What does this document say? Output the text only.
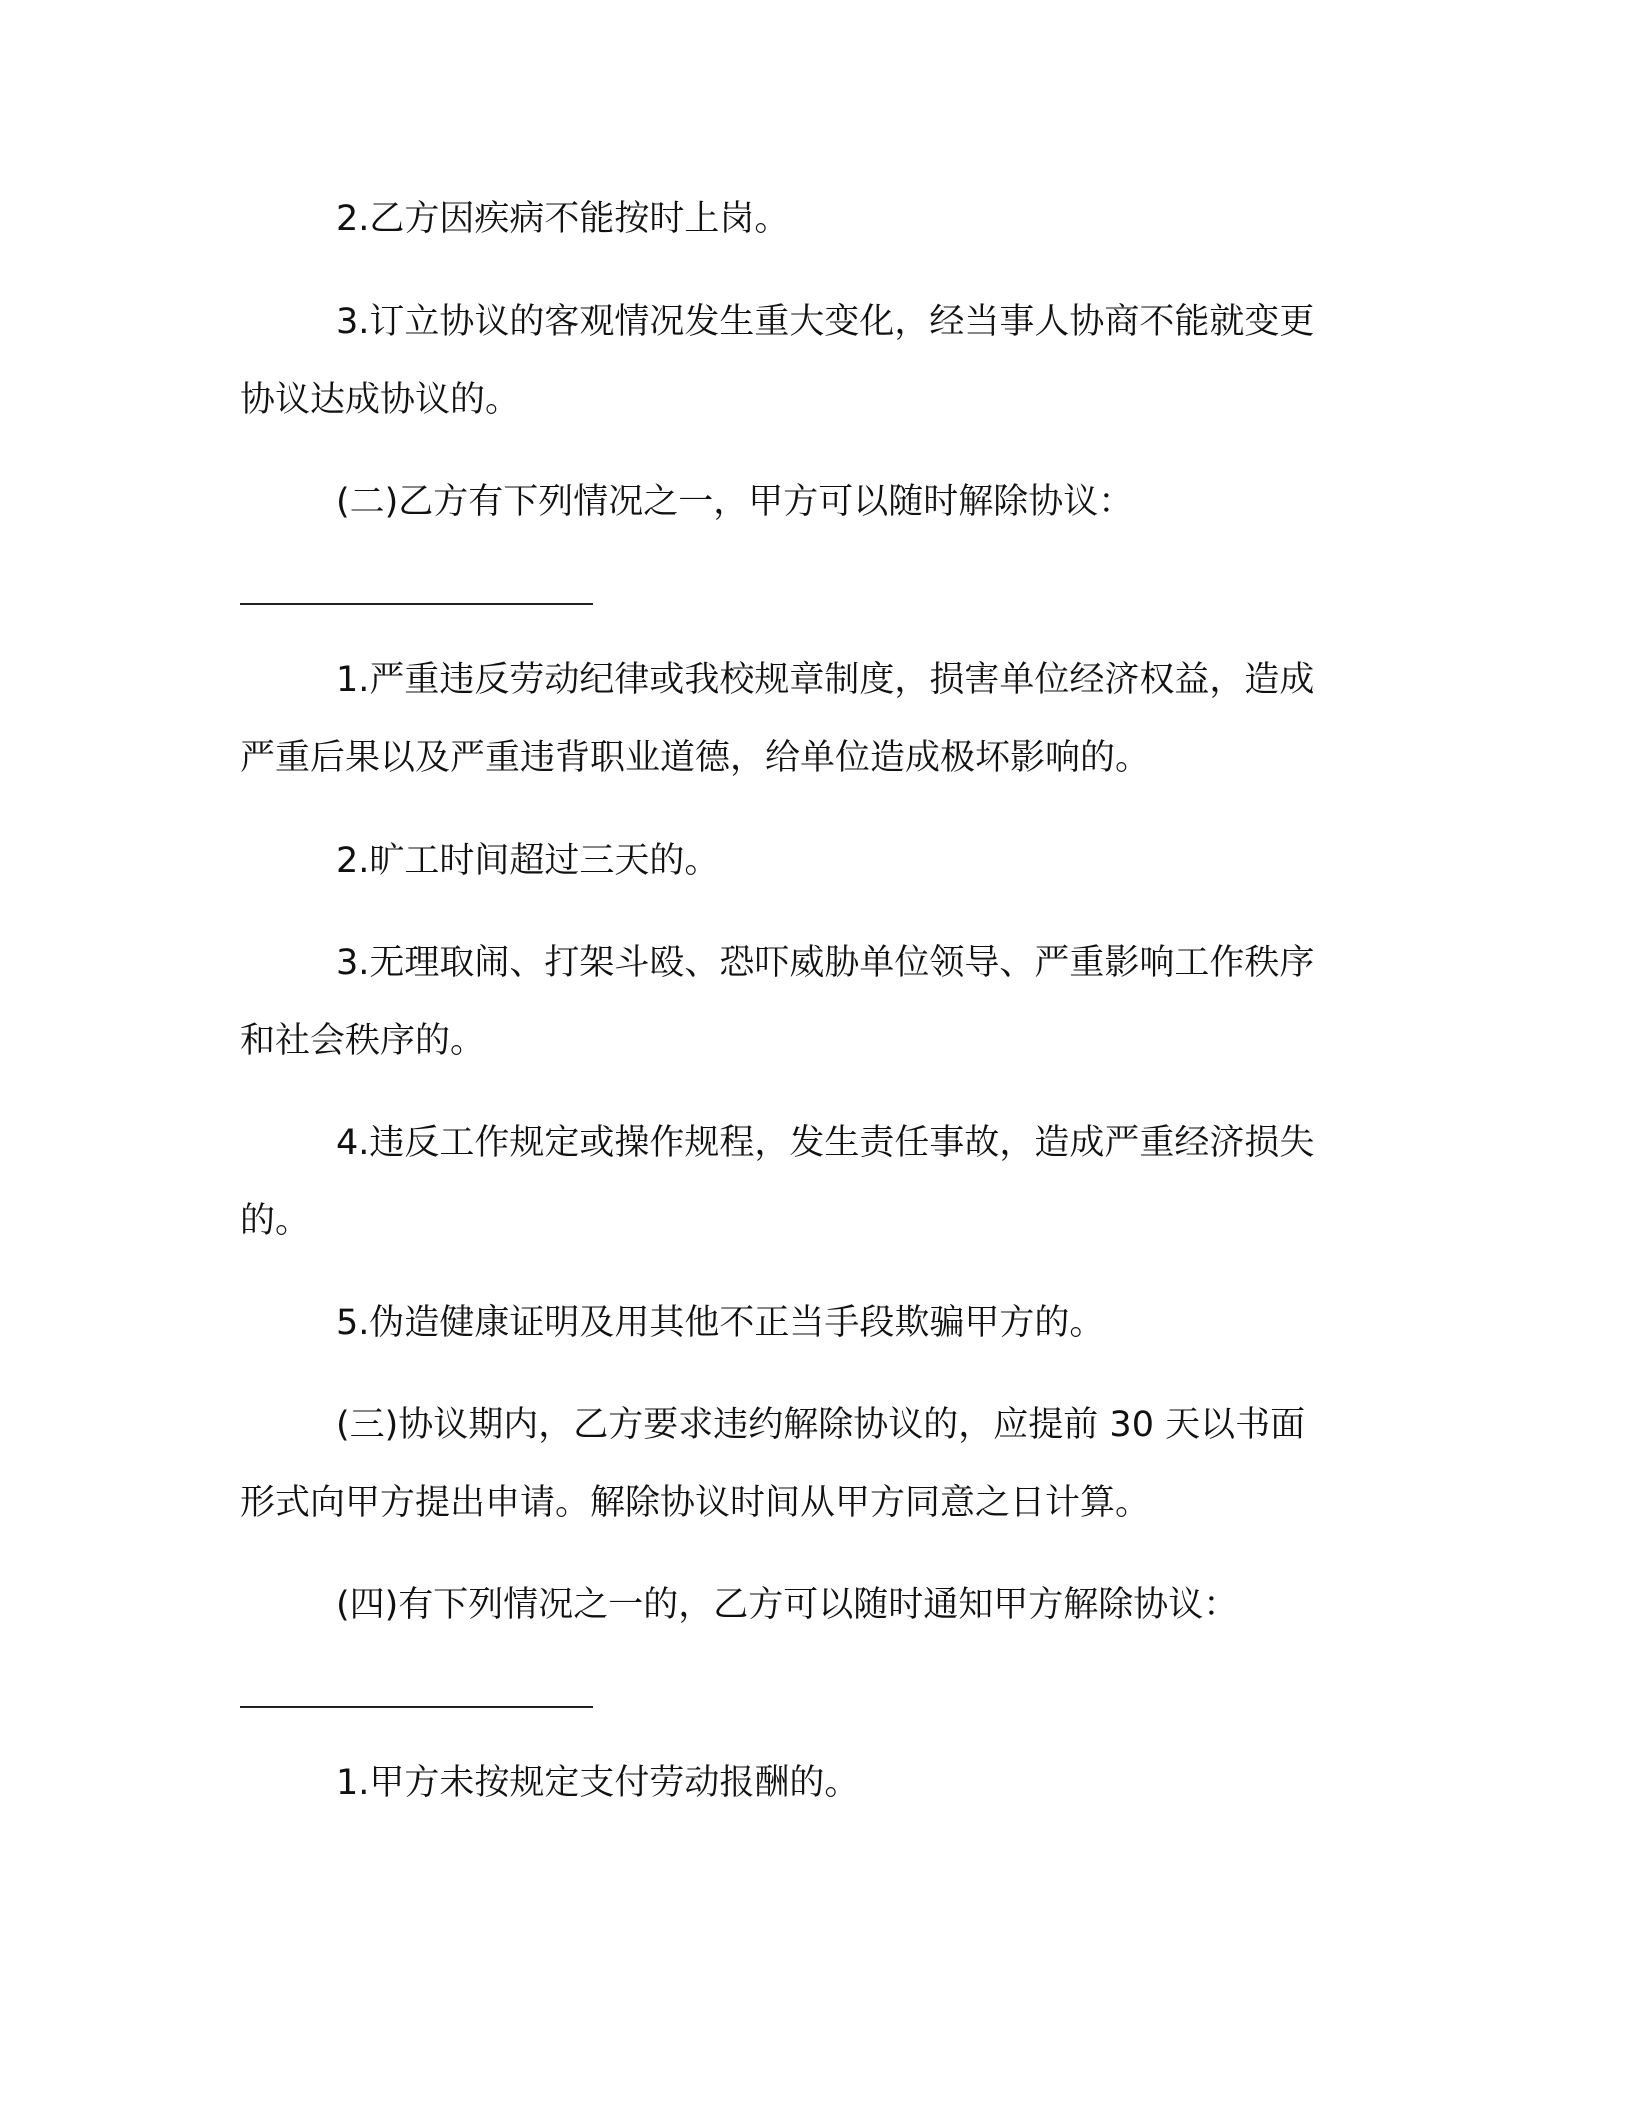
2.乙方因疾病不能按时上岗。
3.订立协议的客观情况发生重大变化，经当事人协商不能就变更
协议达成协议的。
(二)乙方有下列情况之一，甲方可以随时解除协议：
1.严重违反劳动纪律或我校规章制度，损害单位经济权益，造成
严重后果以及严重违背职业道德，给单位造成极坏影响的。
2.旷工时间超过三天的。
3.无理取闹、打架斗殴、恐吓威胁单位领导、严重影响工作秩序
和社会秩序的。
4.违反工作规定或操作规程，发生责任事故，造成严重经济损失
的。
5.伪造健康证明及用其他不正当手段欺骗甲方的。
(三)协议期内，乙方要求违约解除协议的，应提前 30 天以书面
形式向甲方提出申请。解除协议时间从甲方同意之日计算。
(四)有下列情况之一的，乙方可以随时通知甲方解除协议：
1.甲方未按规定支付劳动报酬的。
